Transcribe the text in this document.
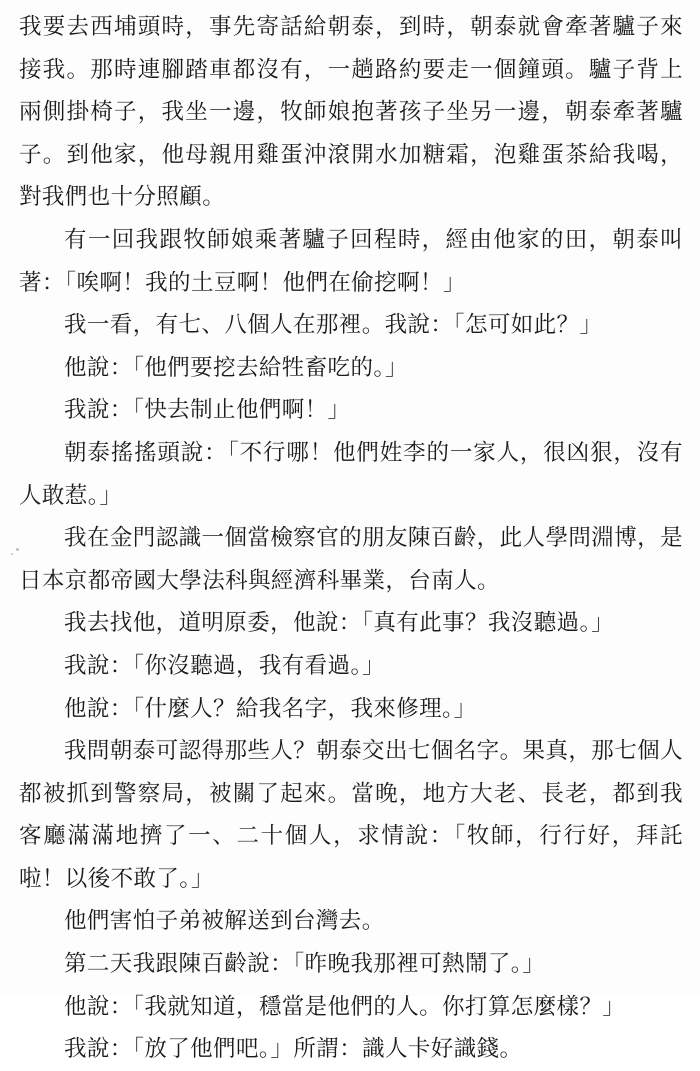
我要去西埔頭時，事先寄話給朝泰，到時，朝泰就會牽著驢子來接我。那時連腳踏車都沒有，一趟路約要走一個鐘頭。驢子背上兩側掛椅子，我坐一邊，牧師娘抱著孩子坐另一邊，朝泰牽著驢子。到他家，他母親用雞蛋沖滾開水加糖霜，泡雞蛋茶給我喝，對我們也十分照顧。

有一回我跟牧師娘乘著驢子回程時，經由他家的田，朝泰叫著：「唉啊！我的土豆啊！他們在偷挖啊！」

我一看，有七、八個人在那裡。我說：「怎可如此？」

他說：「他們要挖去給牲畜吃的。」

我說：「快去制止他們啊！」

朝泰搖搖頭說：「不行哪！他們姓李的一家人，很凶狠，沒有人敢惹。」

我在金門認識一個當檢察官的朋友陳百齡，此人學問淵博，是日本京都帝國大學法科與經濟科畢業，台南人。

我去找他，道明原委，他說：「真有此事？我沒聽過。」

我說：「你沒聽過，我有看過。」

他說：「什麼人？給我名字，我來修理。」

我問朝泰可認得那些人？朝泰交出七個名字。果真，那七個人都被抓到警察局，被關了起來。當晚，地方大老、長老，都到我客廳滿滿地擠了一、二十個人，求情說：「牧師，行行好，拜託啦！以後不敢了。」

他們害怕子弟被解送到台灣去。

第二天我跟陳百齡說：「昨晚我那裡可熱鬧了。」

他說：「我就知道，穩當是他們的人。你打算怎麼樣？」

我說：「放了他們吧。」所謂：識人卡好識錢。
